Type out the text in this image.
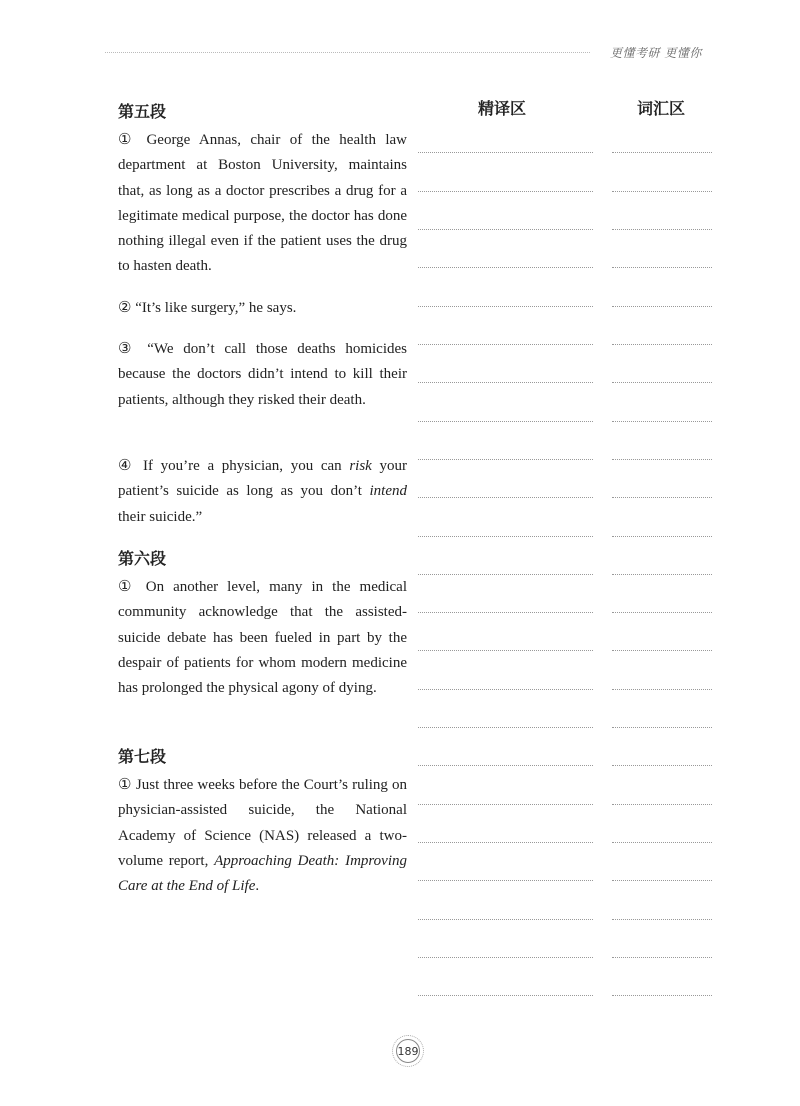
更懂考研 更懂你
精译区	词汇区
第五段
① George Annas, chair of the health law department at Boston University, maintains that, as long as a doctor prescribes a drug for a legitimate medical purpose, the doctor has done nothing illegal even if the patient uses the drug to hasten death.
② “It’s like surgery,” he says.
③ “We don’t call those deaths homicides because the doctors didn’t intend to kill their patients, although they risked their death.
④ If you’re a physician, you can risk your patient’s suicide as long as you don’t intend their suicide.”
第六段
① On another level, many in the medical community acknowledge that the assisted-suicide debate has been fueled in part by the despair of patients for whom modern medicine has prolonged the physical agony of dying.
第七段
① Just three weeks before the Court’s ruling on physician-assisted suicide, the National Academy of Science (NAS) released a two-volume report, Approaching Death: Improving Care at the End of Life.
189
